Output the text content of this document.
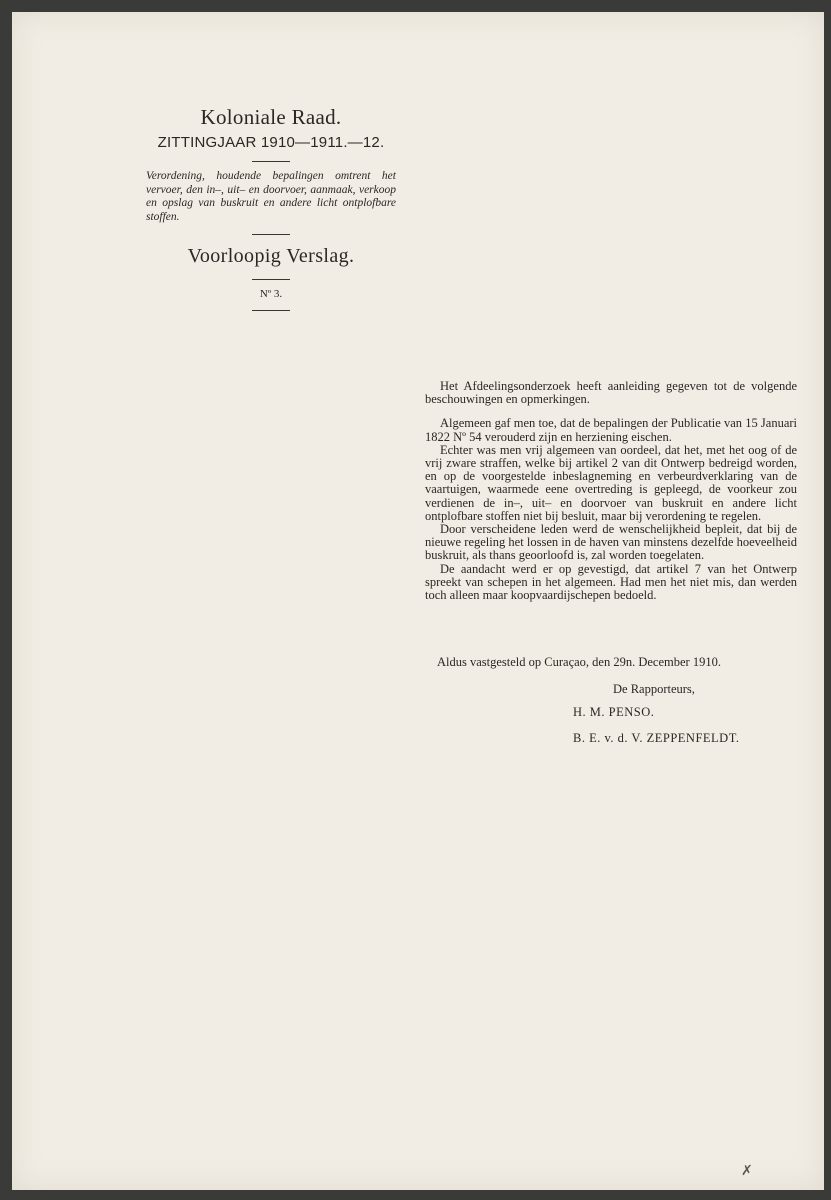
Koloniale Raad.

ZITTINGJAAR 1910—1911.—12.

Verordening, houdende bepalingen omtrent het vervoer, den in–, uit– en doorvoer, aanmaak, verkoop en opslag van buskruit en andere licht ontplofbare stoffen.

Voorloopig Verslag.

Nº 3.

Het Afdeelingsonderzoek heeft aanleiding gegeven tot de volgende beschouwingen en opmerkingen.

Algemeen gaf men toe, dat de bepalingen der Publicatie van 15 Januari 1822 Nº 54 verouderd zijn en herziening eischen.

Echter was men vrij algemeen van oordeel, dat het, met het oog of de vrij zware straffen, welke bij artikel 2 van dit Ontwerp bedreigd worden, en op de voorgestelde inbeslagneming en verbeurdverklaring van de vaartuigen, waarmede eene overtreding is gepleegd, de voorkeur zou verdienen de in–, uit– en doorvoer van buskruit en andere licht ontplofbare stoffen niet bij besluit, maar bij verordening te regelen.

Door verscheidene leden werd de wenschelijkheid bepleit, dat bij de nieuwe regeling het lossen in de haven van minstens dezelfde hoeveelheid buskruit, als thans geoorloofd is, zal worden toegelaten.

De aandacht werd er op gevestigd, dat artikel 7 van het Ontwerp spreekt van schepen in het algemeen. Had men het niet mis, dan werden toch alleen maar koopvaardijschepen bedoeld.

Aldus vastgesteld op Curaçao, den 29n. December 1910.
De Rapporteurs,
H. M. PENSO.
B. E. v. d. V. ZEPPENFELDT.
✗
